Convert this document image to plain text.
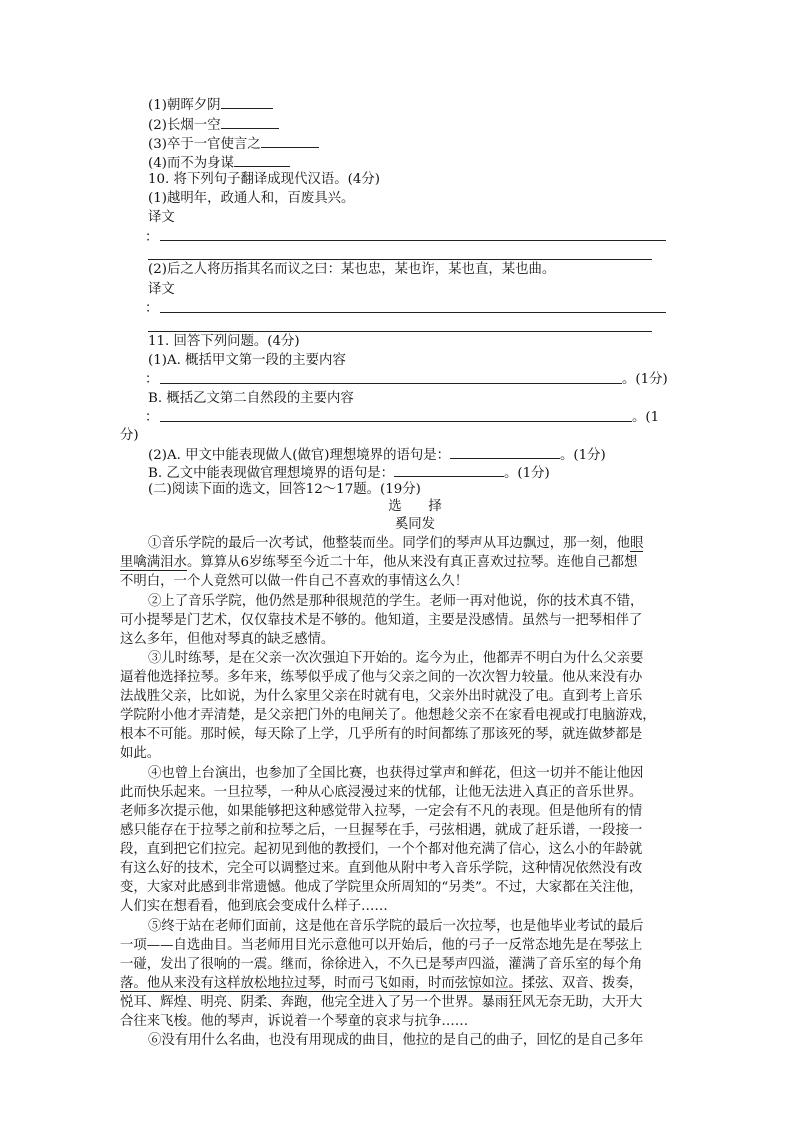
(1)朝晖夕阴
(2)长烟一空
(3)卒于一官使言之
(4)而不为身谋
10. 将下列句子翻译成现代汉语。(4分)
(1)越明年，政通人和，百废具兴。
译文
：
(2)后之人将历指其名而议之曰：某也忠，某也诈，某也直，某也曲。
译文
：
11. 回答下列问题。(4分)
(1)A. 概括甲文第一段的主要内容
：	。(1分)
B. 概括乙文第二自然段的主要内容
：	。(1
分)
(2)A. 甲文中能表现做人(做官)理想境界的语句是：	。(1分)
B. 乙文中能表现做官理想境界的语句是：	。(1分)
(二)阅读下面的选文，回答12～17题。(19分)
选　　择
奚同发
①音乐学院的最后一次考试，他整装而坐。同学们的琴声从耳边飘过，那一刻，他眼
里噙满泪水。算算从6岁练琴至今近二十年，他从来没有真正喜欢过拉琴。连他自己都想
不明白，一个人竟然可以做一件自己不喜欢的事情这么久！
②上了音乐学院，他仍然是那种很规范的学生。老师一再对他说，你的技术真不错，
可小提琴是门艺术，仅仅靠技术是不够的。他知道，主要是没感情。虽然与一把琴相伴了
这么多年，但他对琴真的缺乏感情。
③儿时练琴，是在父亲一次次强迫下开始的。迄今为止，他都弄不明白为什么父亲要
逼着他选择拉琴。多年来，练琴似乎成了他与父亲之间的一次次智力较量。他从来没有办
法战胜父亲，比如说，为什么家里父亲在时就有电，父亲外出时就没了电。直到考上音乐
学院附小他才弄清楚，是父亲把门外的电闸关了。他想趁父亲不在家看电视或打电脑游戏，
根本不可能。那时候，每天除了上学，几乎所有的时间都练了那该死的琴，就连做梦都是
如此。
④也曾上台演出，也参加了全国比赛，也获得过掌声和鲜花，但这一切并不能让他因
此而快乐起来。一旦拉琴，一种从心底浸漫过来的忧郁，让他无法进入真正的音乐世界。
老师多次提示他，如果能够把这种感觉带入拉琴，一定会有不凡的表现。但是他所有的情
感只能存在于拉琴之前和拉琴之后，一旦握琴在手，弓弦相遇，就成了赶乐谱，一段接一
段，直到把它们拉完。起初见到他的教授们，一个个都对他充满了信心，这么小的年龄就
有这么好的技术，完全可以调整过来。直到他从附中考入音乐学院，这种情况依然没有改
变，大家对此感到非常遗憾。他成了学院里众所周知的“另类”。不过，大家都在关注他，
人们实在想看看，他到底会变成什么样子……
⑤终于站在老师们面前，这是他在音乐学院的最后一次拉琴，也是他毕业考试的最后
一项——自选曲目。当老师用目光示意他可以开始后，他的弓子一反常态地先是在琴弦上
一碰，发出了很响的一震。继而，徐徐进入，不久已是琴声四溢，灌满了音乐室的每个角
落。他从来没有这样放松地拉过琴，时而弓飞如雨，时而弦惊如泣。揉弦、双音、拨奏，
悦耳、辉煌、明亮、阴柔、奔跑，他完全进入了另一个世界。暴雨狂风无奈无助，大开大
合往来飞梭。他的琴声，诉说着一个琴童的哀求与抗争……
⑥没有用什么名曲，也没有用现成的曲目，他拉的是自己的曲子，回忆的是自己多年
